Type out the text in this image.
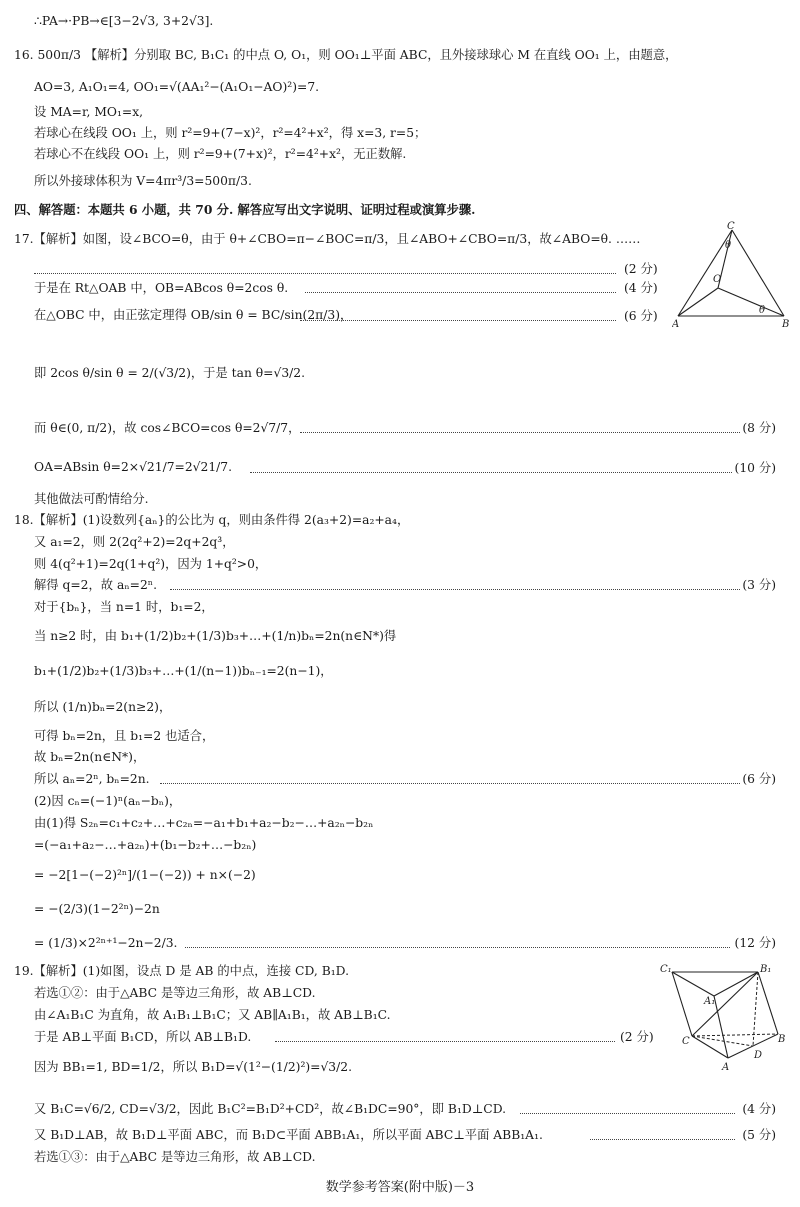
∴PA→·PB→∈[3−2√3, 3+2√3].
16. 500π/3 【解析】分别取 BC, B₁C₁ 的中点 O, O₁，则 OO₁⊥平面 ABC，且外接球球心 M 在直线 OO₁ 上，由题意，
AO=3, A₁O₁=4, OO₁=√(AA₁²−(A₁O₁−AO)²)=7.
设 MA=r, MO₁=x,
若球心在线段 OO₁ 上，则 r²=9+(7−x)²，r²=4²+x²，得 x=3, r=5；
若球心不在线段 OO₁ 上，则 r²=9+(7+x)²，r²=4²+x²，无正数解.
所以外接球体积为 V=4πr³/3=500π/3.
四、解答题：本题共 6 小题，共 70 分. 解答应写出文字说明、证明过程或演算步骤.
17.【解析】如图，设∠BCO=θ，由于 θ+∠CBO=π−∠BOC=π/3，且∠ABO+∠CBO=π/3，故∠ABO=θ. ……
(2 分)
于是在 Rt△OAB 中，OB=ABcos θ=2cos θ.	(4 分)
在△OBC 中，由正弦定理得 OB/sin θ = BC/sin(2π/3)，	(6 分)
即 2cos θ/sin θ = 2/(√3/2)，于是 tan θ=√3/2.
而 θ∈(0, π/2)，故 cos∠BCO=cos θ=2√7/7，	(8 分)
OA=ABsin θ=2×√21/7=2√21/7.	(10 分)
其他做法可酌情给分.
18.【解析】(1)设数列{aₙ}的公比为 q，则由条件得 2(a₃+2)=a₂+a₄，
又 a₁=2，则 2(2q²+2)=2q+2q³，
则 4(q²+1)=2q(1+q²)，因为 1+q²>0，
解得 q=2，故 aₙ=2ⁿ.	(3 分)
对于{bₙ}，当 n=1 时，b₁=2，
当 n≥2 时，由 b₁+(1/2)b₂+(1/3)b₃+…+(1/n)bₙ=2n(n∈N*)得
b₁+(1/2)b₂+(1/3)b₃+…+(1/(n−1))bₙ₋₁=2(n−1)，
所以 (1/n)bₙ=2(n≥2)，
可得 bₙ=2n，且 b₁=2 也适合，
故 bₙ=2n(n∈N*)，
所以 aₙ=2ⁿ, bₙ=2n.	(6 分)
(2)因 cₙ=(−1)ⁿ(aₙ−bₙ)，
由(1)得 S₂ₙ=c₁+c₂+…+c₂ₙ=−a₁+b₁+a₂−b₂−…+a₂ₙ−b₂ₙ
=(−a₁+a₂−…+a₂ₙ)+(b₁−b₂+…−b₂ₙ)
= −2[1−(−2)²ⁿ]/(1−(−2)) + n×(−2)
= −(2/3)(1−2²ⁿ)−2n
= (1/3)×2²ⁿ⁺¹−2n−2/3.	(12 分)
19.【解析】(1)如图，设点 D 是 AB 的中点，连接 CD, B₁D.
若选①②：由于△ABC 是等边三角形，故 AB⊥CD.
由∠A₁B₁C 为直角，故 A₁B₁⊥B₁C；又 AB∥A₁B₁，故 AB⊥B₁C.
于是 AB⊥平面 B₁CD，所以 AB⊥B₁D.	(2 分)
因为 BB₁=1, BD=1/2，所以 B₁D=√(1²−(1/2)²)=√3/2.
又 B₁C=√6/2, CD=√3/2，因此 B₁C²=B₁D²+CD²，故∠B₁DC=90°，即 B₁D⊥CD.	(4 分)
又 B₁D⊥AB，故 B₁D⊥平面 ABC，而 B₁D⊂平面 ABB₁A₁，所以平面 ABC⊥平面 ABB₁A₁.	(5 分)
若选①③：由于△ABC 是等边三角形，故 AB⊥CD.
数学参考答案(附中版)－3
C
θ
O
A
θ
B
C₁	B₁
A₁
C	B
D
A
